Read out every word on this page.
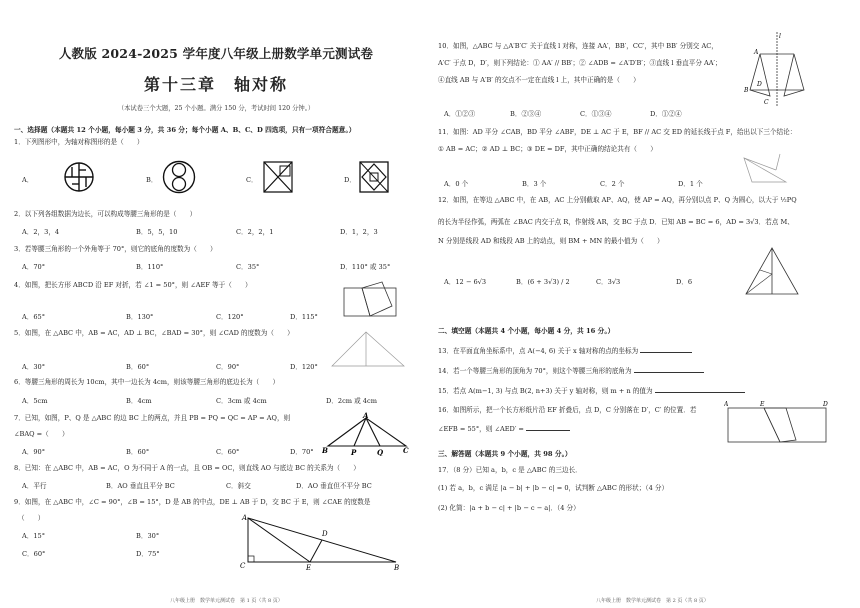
人教版 2024-2025 学年度八年级上册数学单元测试卷
第十三章　轴对称
（本试卷三个大题，25 个小题。满分 150 分，考试时间 120 分钟。）
一、选择题（本题共 12 个小题，每小题 3 分，共 36 分；每个小题 A、B、C、D 四选项，只有一项符合题意。）
1．下列图形中，为轴对称图形的是（　　）
A．	B．	C．	D．
2．以下列各组数据为边长，可以构成等腰三角形的是（　　）
A．2，3，4	B．5，5，10	C．2，2，1	D．1，2，3
3．若等腰三角形的一个外角等于 70°，则它的底角的度数为（　　）
A．70°	B．110°	C．35°	D．110° 或 35°
4．如图，把长方形 ABCD 沿 EF 对折，若 ∠1 = 50°，则 ∠AEF 等于（　　）
A．65°	B．130°	C．120°	D．115°
5．如图，在 △ABC 中，AB = AC，AD ⊥ BC，∠BAD = 30°，则 ∠CAD 的度数为（　　）
A．30°	B．60°	C．90°	D．120°
6．等腰三角形的周长为 10cm，其中一边长为 4cm，则该等腰三角形的底边长为（　　）
A．5cm	B．4cm	C．3cm 或 4cm	D．2cm 或 4cm
7．已知，如图，P、Q 是 △ABC 的边 BC 上的两点，并且 PB = PQ = QC = AP = AQ，则
∠BAQ =（　　）
A．90°	B．60°	C．60°	D．70°
A
B	P	Q	C
8．已知：在 △ABC 中，AB = AC，O 为不同于 A 的一点，且 OB = OC，则直线 AO 与底边 BC 的关系为（　　）
A．平行	B．AO 垂直且平分 BC	C．斜交	D．AO 垂直但不平分 BC
9．如图，在 △ABC 中，∠C = 90°，∠B = 15°，D 是 AB 的中点，DE ⊥ AB 于 D，交 BC 于 E，则 ∠CAE 的度数是
（　　）
A．15°	B．30°
C．60°	D．75°
A
C
D
E	B
八年级上册　数学单元测试卷　第 1 页（共 8 页）
10．如图，△ABC 与 △A′B′C′ 关于直线 l 对称，连接 AA′，BB′，CC′，其中 BB′ 分别交 AC，
A′C′ 于点 D，D′，则下列结论：① AA′ // BB′；② ∠ADB = ∠A′D′B′；③直线 l 垂直平分 AA′；
④直线 AB 与 A′B′ 的交点不一定在直线 l 上，其中正确的是（　　）
A．①②③	B．②③④	C．①③④	D．①②④
l
A
B
C
D
11．如图：AD 平分 ∠CAB，BD 平分 ∠ABF，DE ⊥ AC 于 E，BF // AC 交 ED 的延长线于点 F，给出以下三个结论：
① AB = AC；② AD ⊥ BC；③ DE = DF，其中正确的结论共有（　　）
A．0 个	B．3 个	C．2 个	D．1 个
12．如图，在等边 △ABC 中，在 AB，AC 上分别截取 AP、AQ，使 AP = AQ，再分别以点 P、Q 为圆心，以大于 ½PQ
的长为半径作弧，两弧在 ∠BAC 内交于点 R，作射线 AR，交 BC 于点 D．已知 AB = BC = 6，AD = 3√3．若点 M、
N 分别是线段 AD 和线段 AB 上的动点，则 BM + MN 的最小值为（　　）
A．12 − 6√3	B．(6 + 3√3) / 2	C．3√3	D．6
二、填空题（本题共 4 个小题，每小题 4 分，共 16 分。）
13．在平面直角坐标系中，点 A(−4, 6) 关于 x 轴对称的点的坐标为
14．若一个等腰三角形的顶角为 70°，则这个等腰三角形的底角为
15．若点 A(m−1, 3) 与点 B(2, n+3) 关于 y 轴对称，则 m + n 的值为
16．如图所示，把一个长方形纸片沿 EF 折叠后，点 D，C 分别落在 D′，C′ 的位置．若
∠EFB = 55°，则 ∠AED′ =
E
A	D
三、解答题（本题共 9 个小题，共 98 分。）
17．（8 分）已知 a，b，c 是 △ABC 的三边长．
(1) 若 a，b，c 满足 |a − b| + |b − c| = 0，试判断 △ABC 的形状；（4 分）
(2) 化简：|a + b − c| + |b − c − a|．（4 分）
八年级上册　数学单元测试卷　第 2 页（共 8 页）
